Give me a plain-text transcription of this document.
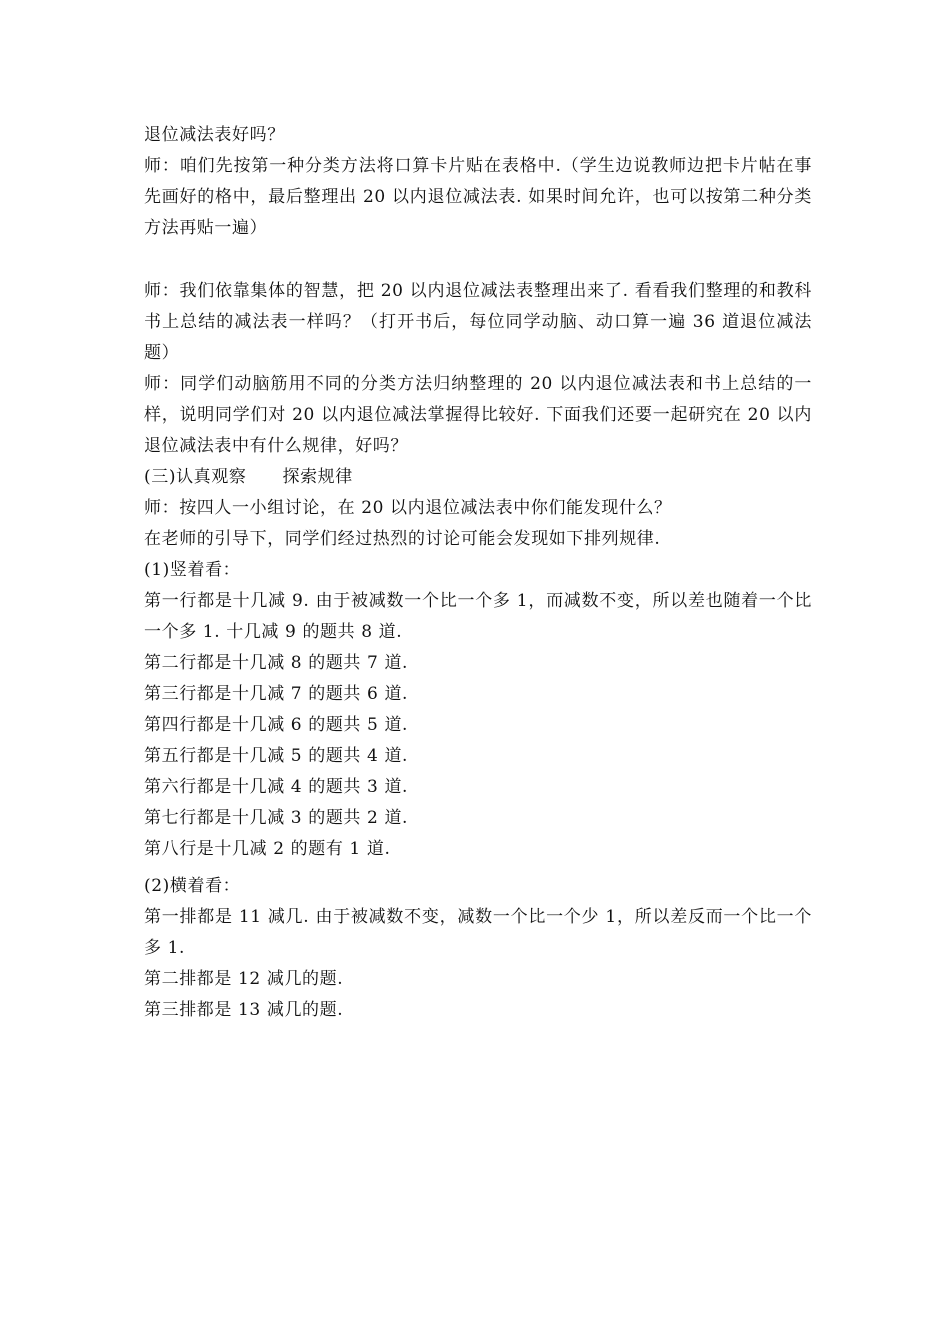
退位减法表好吗？

师：咱们先按第一种分类方法将口算卡片贴在表格中.（学生边说教师边把卡片帖在事先画好的格中，最后整理出 20 以内退位减法表. 如果时间允许，也可以按第二种分类方法再贴一遍）

师：我们依靠集体的智慧，把 20 以内退位减法表整理出来了. 看看我们整理的和教科书上总结的减法表一样吗？（打开书后，每位同学动脑、动口算一遍 36 道退位减法题）

师：同学们动脑筋用不同的分类方法归纳整理的 20 以内退位减法表和书上总结的一样，说明同学们对 20 以内退位减法掌握得比较好. 下面我们还要一起研究在 20 以内退位减法表中有什么规律，好吗？

(三)认真观察 探索规律

师：按四人一小组讨论，在 20 以内退位减法表中你们能发现什么？

在老师的引导下，同学们经过热烈的讨论可能会发现如下排列规律.

(1)竖着看：

第一行都是十几减 9. 由于被减数一个比一个多 1，而减数不变，所以差也随着一个比一个多 1. 十几减 9 的题共 8 道.

第二行都是十几减 8 的题共 7 道.

第三行都是十几减 7 的题共 6 道.

第四行都是十几减 6 的题共 5 道.

第五行都是十几减 5 的题共 4 道.

第六行都是十几减 4 的题共 3 道.

第七行都是十几减 3 的题共 2 道.

第八行是十几减 2 的题有 1 道.

(2)横着看：

第一排都是 11 减几. 由于被减数不变，减数一个比一个少 1，所以差反而一个比一个多 1.

第二排都是 12 减几的题.

第三排都是 13 减几的题.
